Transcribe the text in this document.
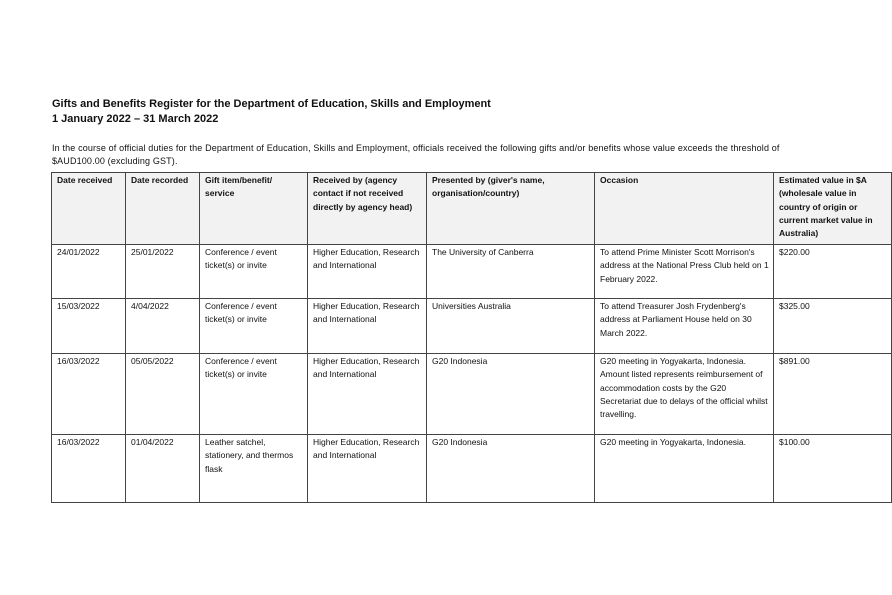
Gifts and Benefits Register for the Department of Education, Skills and Employment
1 January 2022 – 31 March 2022
In the course of official duties for the Department of Education, Skills and Employment, officials received the following gifts and/or benefits whose value exceeds the threshold of $AUD100.00 (excluding GST).
Date received	Date recorded	Gift item/benefit/ service	Received by (agency contact if not received directly by agency head)	Presented by (giver's name, organisation/country)	Occasion	Estimated value in $A (wholesale value in country of origin or current market value in Australia)
24/01/2022	25/01/2022	Conference / event ticket(s) or invite	Higher Education, Research and International	The University of Canberra	To attend Prime Minister Scott Morrison's address at the National Press Club held on 1 February 2022.	$220.00
15/03/2022	4/04/2022	Conference / event ticket(s) or invite	Higher Education, Research and International	Universities Australia	To attend Treasurer Josh Frydenberg's address at Parliament House held on 30 March 2022.	$325.00
16/03/2022	05/05/2022	Conference / event ticket(s) or invite	Higher Education, Research and International	G20 Indonesia	G20 meeting in Yogyakarta, Indonesia. Amount listed represents reimbursement of accommodation costs by the G20 Secretariat due to delays of the official whilst travelling.	$891.00
16/03/2022	01/04/2022	Leather satchel, stationery, and thermos flask	Higher Education, Research and International	G20 Indonesia	G20 meeting in Yogyakarta, Indonesia.	$100.00
